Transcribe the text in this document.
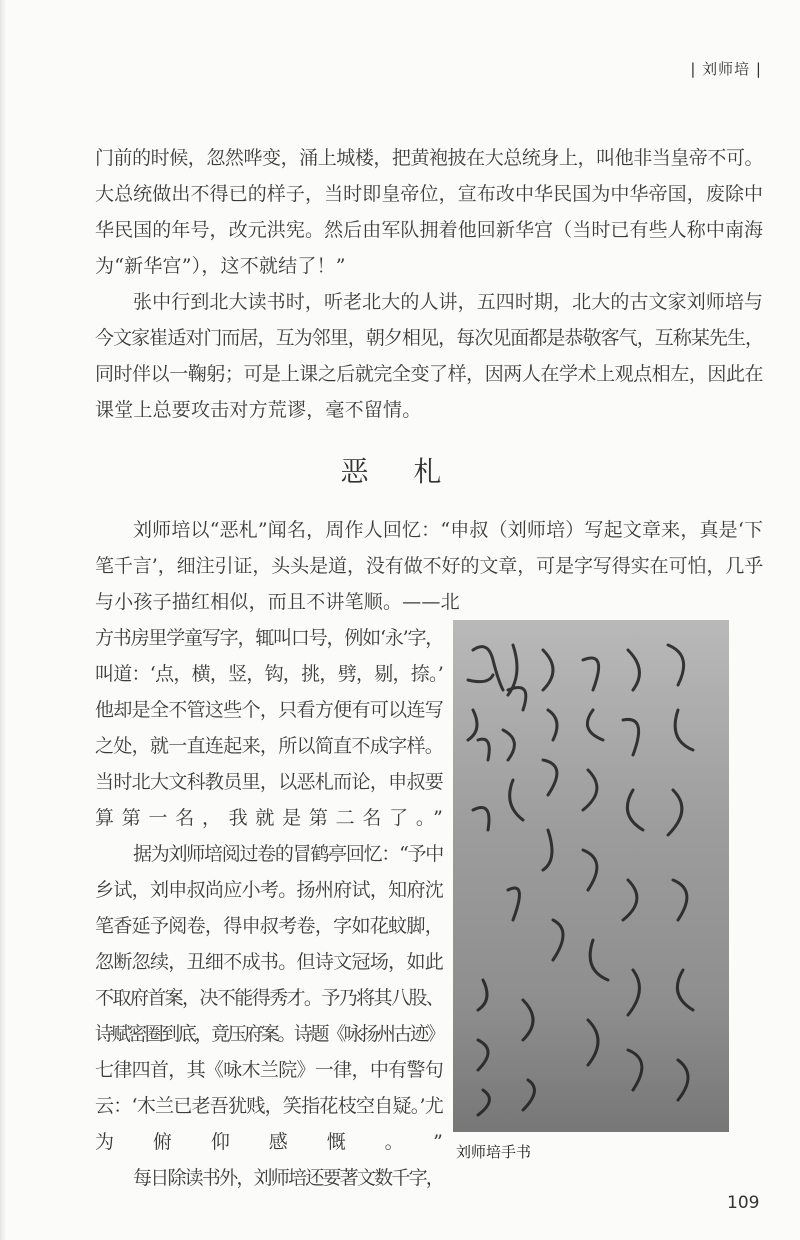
| 刘师培 |
门前的时候，忽然哗变，涌上城楼，把黄袍披在大总统身上，叫他非当皇帝不可。
大总统做出不得已的样子，当时即皇帝位，宣布改中华民国为中华帝国，废除中
华民国的年号，改元洪宪。然后由军队拥着他回新华宫（当时已有些人称中南海
为“新华宫”），这不就结了！”
张中行到北大读书时，听老北大的人讲，五四时期，北大的古文家刘师培与
今文家崔适对门而居，互为邻里，朝夕相见，每次见面都是恭敬客气，互称某先生，
同时伴以一鞠躬；可是上课之后就完全变了样，因两人在学术上观点相左，因此在
课堂上总要攻击对方荒谬，毫不留情。
刘师培以“恶札”闻名，周作人回忆：“申叔（刘师培）写起文章来，真是‘下
笔千言’，细注引证，头头是道，没有做不好的文章，可是字写得实在可怕，几乎
与小孩子描红相似，而且不讲笔顺。——北
方书房里学童写字，辄叫口号，例如‘永’字，
叫道：‘点，横，竖，钩，挑，劈，剔，捺。’
他却是全不管这些个，只看方便有可以连写
之处，就一直连起来，所以简直不成字样。
当时北大文科教员里，以恶札而论，申叔要
算第一名，我就是第二名了。”
据为刘师培阅过卷的冒鹤亭回忆：“予中
乡试，刘申叔尚应小考。扬州府试，知府沈
笔香延予阅卷，得申叔考卷，字如花蚊脚，
忽断忽续，丑细不成书。但诗文冠场，如此
不取府首案，决不能得秀才。予乃将其八股、
诗赋密圈到底，竟压府案。诗题《咏扬州古迹》
七律四首，其《咏木兰院》一律，中有警句
云：‘木兰已老吾犹贱，笑指花枝空自疑。’尤
为俯仰感慨。”
每日除读书外，刘师培还要著文数千字，
恶 札
刘师培手书
109
